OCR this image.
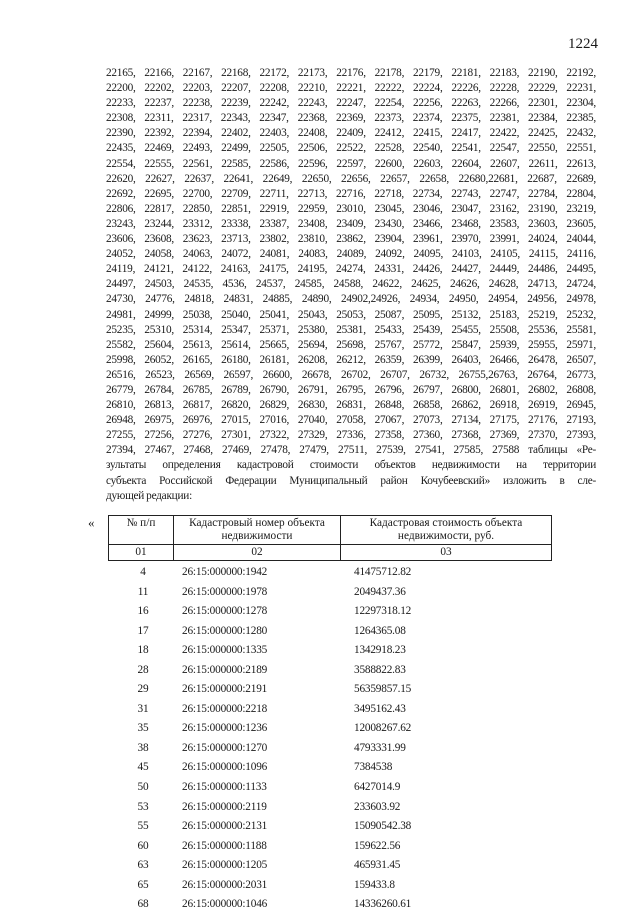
1224

22165, 22166, 22167, 22168, 22172, 22173, 22176, 22178, 22179, 22181, 22183, 22190, 22192,

22200, 22202, 22203, 22207, 22208, 22210, 22221, 22222, 22224, 22226, 22228, 22229, 22231,

22233, 22237, 22238, 22239, 22242, 22243, 22247, 22254, 22256, 22263, 22266, 22301, 22304,

22308, 22311, 22317, 22343, 22347, 22368, 22369, 22373, 22374, 22375, 22381, 22384, 22385,

22390, 22392, 22394, 22402, 22403, 22408, 22409, 22412, 22415, 22417, 22422, 22425, 22432,

22435, 22469, 22493, 22499, 22505, 22506, 22522, 22528, 22540, 22541, 22547, 22550, 22551,

22554, 22555, 22561, 22585, 22586, 22596, 22597, 22600, 22603, 22604, 22607, 22611, 22613,

22620, 22627, 22637, 22641, 22649, 22650, 22656, 22657, 22658, 22680,22681, 22687, 22689,

22692, 22695, 22700, 22709, 22711, 22713, 22716, 22718, 22734, 22743, 22747, 22784, 22804,

22806, 22817, 22850, 22851, 22919, 22959, 23010, 23045, 23046, 23047, 23162, 23190, 23219,

23243, 23244, 23312, 23338, 23387, 23408, 23409, 23430, 23466, 23468, 23583, 23603, 23605,

23606, 23608, 23623, 23713, 23802, 23810, 23862, 23904, 23961, 23970, 23991, 24024, 24044,

24052, 24058, 24063, 24072, 24081, 24083, 24089, 24092, 24095, 24103, 24105, 24115, 24116,

24119, 24121, 24122, 24163, 24175, 24195, 24274, 24331, 24426, 24427, 24449, 24486, 24495,

24497, 24503, 24535, 4536, 24537, 24585, 24588, 24622, 24625, 24626, 24628, 24713, 24724,

24730, 24776, 24818, 24831, 24885, 24890, 24902,24926, 24934, 24950, 24954, 24956, 24978,

24981, 24999, 25038, 25040, 25041, 25043, 25053, 25087, 25095, 25132, 25183, 25219, 25232,

25235, 25310, 25314, 25347, 25371, 25380, 25381, 25433, 25439, 25455, 25508, 25536, 25581,

25582, 25604, 25613, 25614, 25665, 25694, 25698, 25767, 25772, 25847, 25939, 25955, 25971,

25998, 26052, 26165, 26180, 26181, 26208, 26212, 26359, 26399, 26403, 26466, 26478, 26507,

26516, 26523, 26569, 26597, 26600, 26678, 26702, 26707, 26732, 26755,26763, 26764, 26773,

26779, 26784, 26785, 26789, 26790, 26791, 26795, 26796, 26797, 26800, 26801, 26802, 26808,

26810, 26813, 26817, 26820, 26829, 26830, 26831, 26848, 26858, 26862, 26918, 26919, 26945,

26948, 26975, 26976, 27015, 27016, 27040, 27058, 27067, 27073, 27134, 27175, 27176, 27193,

27255, 27256, 27276, 27301, 27322, 27329, 27336, 27358, 27360, 27368, 27369, 27370, 27393,

27394, 27467, 27468, 27469, 27478, 27479, 27511, 27539, 27541, 27585, 27588 таблицы «Ре-

зультаты определения кадастровой стоимости объектов недвижимости на территории

субъекта Российской Федерации Муниципальный район Кочубеевский» изложить в сле-

дующей редакции:

«	№ п/п	Кадастровый номер объекта недвижимости	Кадастровая стоимость объекта недвижимости, руб.
01	02	03
4	26:15:000000:1942	41475712.82
11	26:15:000000:1978	2049437.36
16	26:15:000000:1278	12297318.12
17	26:15:000000:1280	1264365.08
18	26:15:000000:1335	1342918.23
28	26:15:000000:2189	3588822.83
29	26:15:000000:2191	56359857.15
31	26:15:000000:2218	3495162.43
35	26:15:000000:1236	12008267.62
38	26:15:000000:1270	4793331.99
45	26:15:000000:1096	7384538
50	26:15:000000:1133	6427014.9
53	26:15:000000:2119	233603.92
55	26:15:000000:2131	15090542.38
60	26:15:000000:1188	159622.56
63	26:15:000000:1205	465931.45
65	26:15:000000:2031	159433.8
68	26:15:000000:1046	14336260.61
